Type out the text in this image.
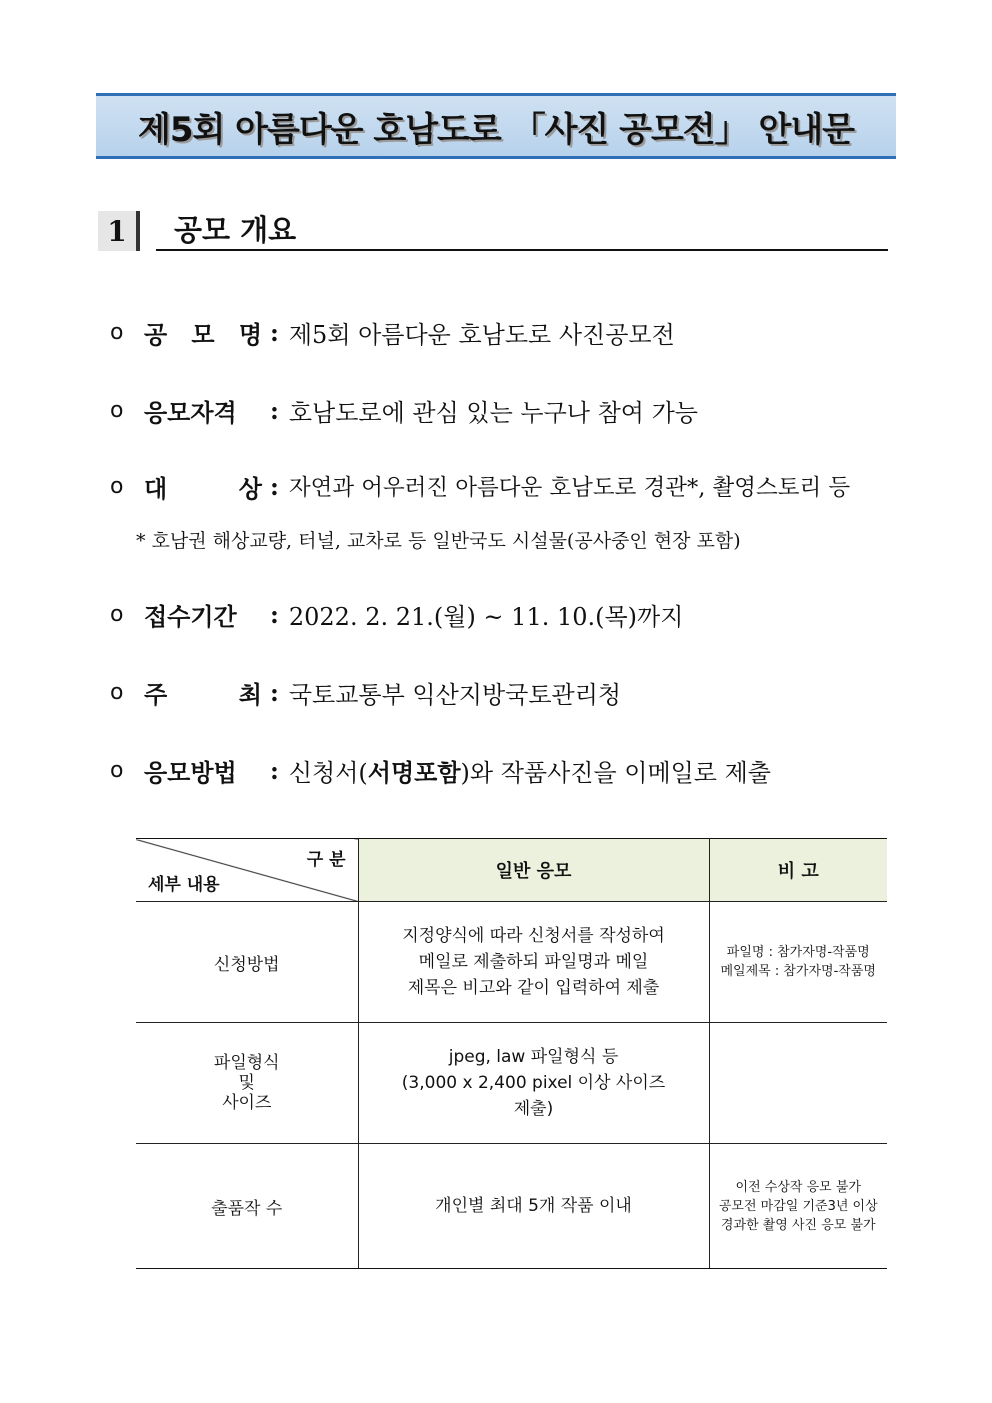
제5회 아름다운 호남도로 「사진 공모전」 안내문
1	공모 개요
o 공 모 명 : 제5회 아름다운 호남도로 사진공모전
o 응모자격	: 호남도로에 관심 있는 누구나 참여 가능
o 대 상 : 자연과 어우러진 아름다운 호남도로 경관*, 촬영스토리 등
* 호남권 해상교량, 터널, 교차로 등 일반국도 시설물(공사중인 현장 포함)
o 접수기간	: 2022. 2. 21.(월) ~ 11. 10.(목)까지
o 주 최 : 국토교통부 익산지방국토관리청
o 응모방법	: 신청서(서명포함)와 작품사진을 이메일로 제출
구 분
세부 내용	일반 응모	비 고
신청방법	지정양식에 따라 신청서를 작성하여
메일로 제출하되 파일명과 메일
제목은 비고와 같이 입력하여 제출	파일명 : 참가자명-작품명
메일제목 : 참가자명-작품명

파일형식
및
사이즈	jpeg, law 파일형식 등
(3,000 x 2,400 pixel 이상 사이즈
제출)	

출품작 수	개인별 최대 5개 작품 이내	이전 수상작 응모 불가
공모전 마감일 기준3년 이상
경과한 촬영 사진 응모 불가
